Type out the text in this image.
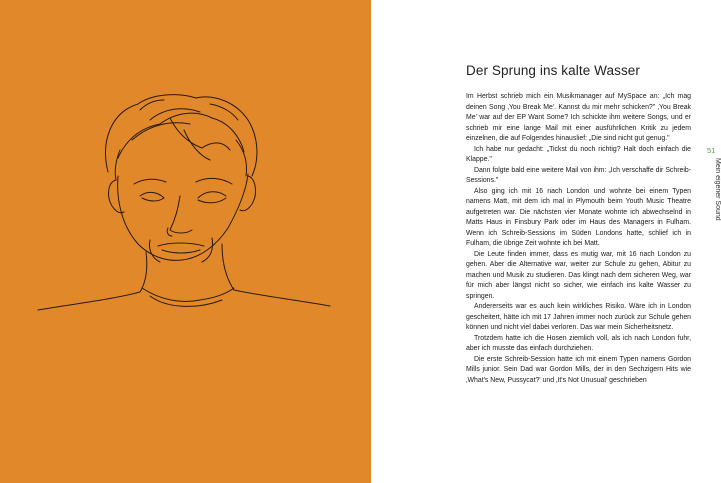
Der Sprung ins kalte Wasser

Im Herbst schrieb mich ein Musikmanager auf MySpace an: „Ich mag deinen Song ‚You Break Me'. Kannst du mir mehr schicken?" ‚You Break Me' war auf der EP Want Some? Ich schickte ihm weitere Songs, und er schrieb mir eine lange Mail mit einer ausführlichen Kritik zu jedem einzelnen, die auf Folgendes hinauslief: „Die sind nicht gut genug."

Ich habe nur gedacht: „Tickst du noch richtig? Halt doch einfach die Klappe."

Dann folgte bald eine weitere Mail von ihm: „Ich verschaffe dir Schreib-Sessions."

Also ging ich mit 16 nach London und wohnte bei einem Typen namens Matt, mit dem ich mal in Plymouth beim Youth Music Theatre aufgetreten war. Die nächsten vier Monate wohnte ich abwechselnd in Matts Haus in Finsbury Park oder im Haus des Managers in Fulham. Wenn ich Schreib-Sessions im Süden Londons hatte, schlief ich in Fulham, die übrige Zeit wohnte ich bei Matt.

Die Leute finden immer, dass es mutig war, mit 16 nach London zu gehen. Aber die Alternative war, weiter zur Schule zu gehen, Abitur zu machen und Musik zu studieren. Das klingt nach dem sicheren Weg, war für mich aber längst nicht so sicher, wie einfach ins kalte Wasser zu springen.

Andererseits war es auch kein wirkliches Risiko. Wäre ich in London gescheitert, hätte ich mit 17 Jahren immer noch zurück zur Schule gehen können und nicht viel dabei verloren. Das war mein Sicherheitsnetz.

Trotzdem hatte ich die Hosen ziemlich voll, als ich nach London fuhr, aber ich musste das einfach durchziehen.

Die erste Schreib-Session hatte ich mit einem Typen namens Gordon Mills junior. Sein Dad war Gordon Mills, der in den Sechzigern Hits wie ‚What's New, Pussycat?' und ‚It's Not Unusual' geschrieben

51
Mein eigener Sound
